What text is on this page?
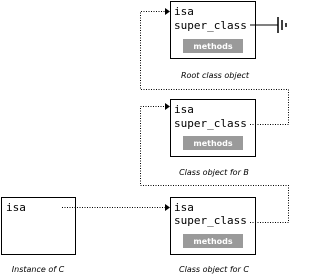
isa
super_class
methods
Root class object
isa
super_class
methods
Class object for B
isa
super_class
methods
Class object for C
isa
Instance of C
